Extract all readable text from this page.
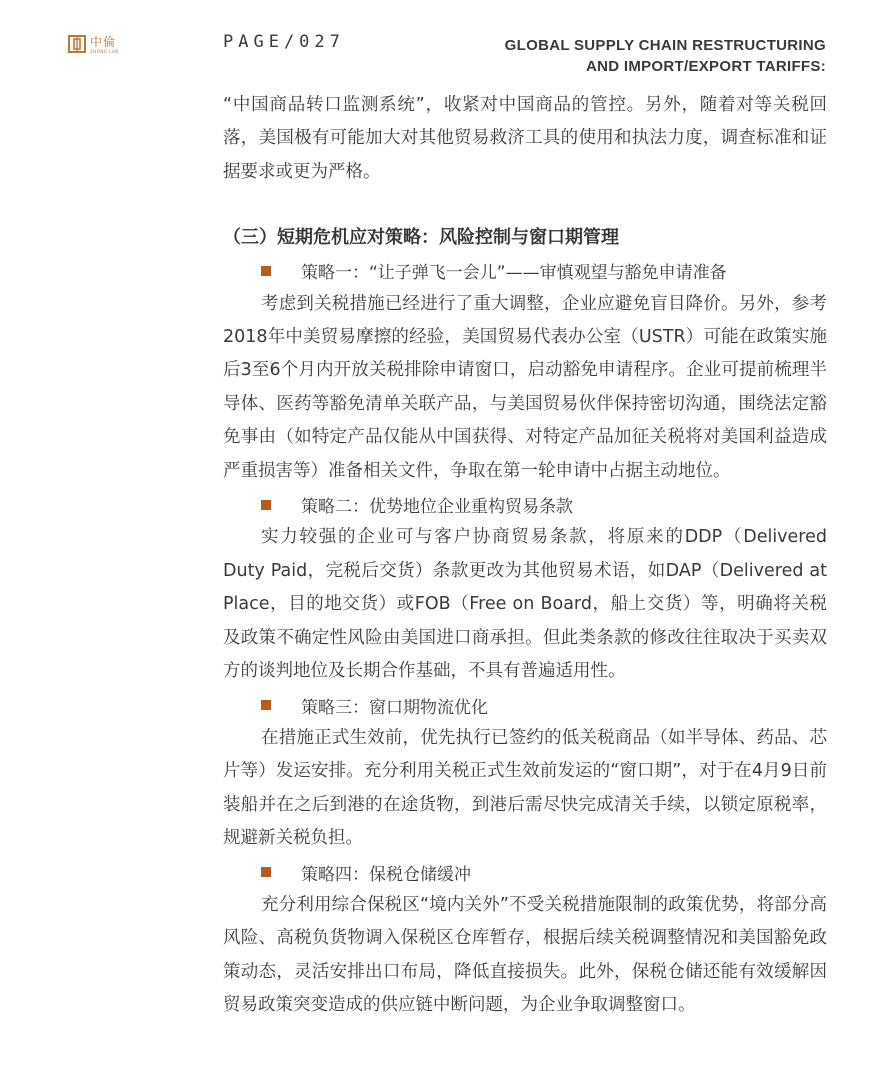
中倫
ZHONG LUN	PAGE/027	GLOBAL SUPPLY CHAIN RESTRUCTURING
AND IMPORT/EXPORT TARIFFS:

“中国商品转口监测系统”，收紧对中国商品的管控。另外，随着对等关税回落，美国极有可能加大对其他贸易救济工具的使用和执法力度，调查标准和证据要求或更为严格。

（三）短期危机应对策略：风险控制与窗口期管理
策略一：“让子弹飞一会儿”——审慎观望与豁免申请准备

考虑到关税措施已经进行了重大调整，企业应避免盲目降价。另外，参考2018年中美贸易摩擦的经验，美国贸易代表办公室（USTR）可能在政策实施后3至6个月内开放关税排除申请窗口，启动豁免申请程序。企业可提前梳理半导体、医药等豁免清单关联产品，与美国贸易伙伴保持密切沟通，围绕法定豁免事由（如特定产品仅能从中国获得、对特定产品加征关税将对美国利益造成严重损害等）准备相关文件，争取在第一轮申请中占据主动地位。

策略二：优势地位企业重构贸易条款

实力较强的企业可与客户协商贸易条款，将原来的DDP（Delivered Duty Paid，完税后交货）条款更改为其他贸易术语，如DAP（Delivered at Place，目的地交货）或FOB（Free on Board，船上交货）等，明确将关税及政策不确定性风险由美国进口商承担。但此类条款的修改往往取决于买卖双方的谈判地位及长期合作基础，不具有普遍适用性。

策略三：窗口期物流优化

在措施正式生效前，优先执行已签约的低关税商品（如半导体、药品、芯片等）发运安排。充分利用关税正式生效前发运的“窗口期”，对于在4月9日前装船并在之后到港的在途货物，到港后需尽快完成清关手续，以锁定原税率，规避新关税负担。

策略四：保税仓储缓冲

充分利用综合保税区“境内关外”不受关税措施限制的政策优势，将部分高风险、高税负货物调入保税区仓库暂存，根据后续关税调整情况和美国豁免政策动态，灵活安排出口布局，降低直接损失。此外，保税仓储还能有效缓解因贸易政策突变造成的供应链中断问题，为企业争取调整窗口。
